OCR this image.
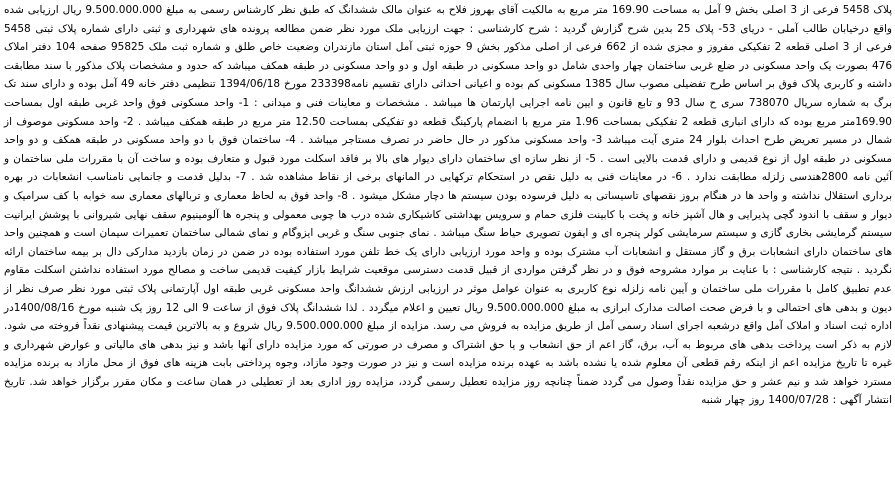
پلاک 5458 فرعی از 3 اصلی بخش 9 آمل به مساحت 169.90 متر مربع به مالکیت آقای بهروز فلاح به عنوان مالک ششدانگ که طبق نظر کارشناس رسمی به مبلغ 9.500.000.000 ریال ارزیابی شده واقع درخیابان طالب آملی - دریای 53- پلاک 25 بدین شرح گزارش گردید : شرح کارشناسی : جهت ارزیابی ملک مورد نظر ضمن مطالعه پرونده های شهرداری و ثبتی دارای شماره پلاک ثبتی 5458 فرعی از 3 اصلی قطعه 2 تفکیکی مفروز و مجزی شده از 662 فرعی از اصلی مذکور بخش 9 حوزه ثبتی آمل استان مازندران وضعیت خاص طلق و شماره ثبت ملک 95825 صفحه 104 دفتر املاک 476 بصورت یک واحد مسکونی در ضلع غربی ساختمان چهار واحدی شامل دو واحد مسکونی در طبقه اول و دو واحد مسکونی در طبقه همکف میباشد که حدود و مشخصات پلاک مذکور با سند مطابقت داشته و کاربری پلاک فوق بر اساس طرح تفضیلی مصوب سال 1385 مسکونی کم بوده و اعیانی احداثی دارای تقسیم نامه233398 مورخ 1394/06/18 تنظیمی دفتر خانه 49 آمل بوده و دارای سند تک برگ به شماره سریال 738070 سری ح سال 93 و تابع قانون و ایین نامه اجرایی اپارتمان ها میباشد . مشخصات و معاینات فنی و میدانی : 1- واحد مسکونی فوق واحد غربی طبقه اول بمساحت 169.90متر مربع بوده که دارای انباری قطعه 2 تفکیکی بمساحت 1.96 متر مربع با انضمام پارکینگ قطعه دو تفکیکی بمساحت 12.50 متر مربع در طبقه همکف میباشد . 2- واحد مسکونی موصوف از شمال در مسیر تعریض طرح احداث بلوار 24 متری آیت میباشد 3- واحد مسکونی مذکور در حال حاضر در تصرف مستاجر میباشد . 4- ساختمان فوق با دو واحد مسکونی در طبقه همکف و دو واحد مسکونی در طبقه اول از نوع قدیمی و دارای قدمت بالایی است . 5- از نظر سازه ای ساختمان دارای دیوار های بالا بر فاقد اسکلت مورد قبول و متعارف بوده و ساخت آن با مقررات ملی ساختمان و آئین نامه 2800هندسی زلزله مطابقت ندارد . 6- در معاینات فنی به دلیل نقص در استحکام ترکهایی در المانهای برخی از نقاط مشاهده شد . 7- بدلیل قدمت و جانمایی نامناسب انشعابات در بهره برداری استقلال نداشته و واحد ها در هنگام بروز نقصهای تاسیساتی به دلیل فرسوده بودن سیستم ها دچار مشکل میشود . 8- واحد فوق به لحاظ معماری و تربالهای معماری سه خوابه با کف سرامیک و دیوار و سقف با اندود گچی پذیرایی و هال آشپز خانه و پخت با کابینت فلزی حمام و سرویس بهداشتی کاشیکاری شده درب ها چوبی معمولی و پنجره ها آلومینیوم سقف نهایی شیروانی با پوشش ایرانیت سیستم گرمایشی بخاری گازی و سیستم سرمایشی کولر پنجره ای و ایفون تصویری حیاط سنگ میباشد . نمای جنوبی سنگ و غربی ایزوگام و نمای شمالی ساختمان تعمیرات سیمان است و همچنین واحد های ساختمان دارای انشعابات برق و گاز مستقل و انشعابات آب مشترک بوده و واحد مورد ارزیابی دارای یک خط تلفن مورد استفاده بوده در ضمن در زمان بازدید مدارکی دال بر بیمه ساختمان ارائه نگردید . نتیجه کارشناسی : با عنایت بر موارد مشروحه فوق و در نظر گرفتن مواردی از قبیل قدمت دسترسی موقعیت شرایط بازار کیفیت قدیمی ساخت و مصالح مورد استفاده نداشتن اسکلت مقاوم عدم تطبیق کامل با مقررات ملی ساختمان و آیین نامه زلزله نوع کاربری به عنوان عوامل موثر در ارزیابی ارزش ششدانگ واحد مسکونی غربی طبقه اول آپارتمانی پلاک ثبتی مورد نظر صرف نظر از دیون و بدهی های احتمالی و با فرض صحت اصالت مدارک ابرازی به مبلغ 9.500.000.000 ریال تعیین و اعلام میگردد . لذا ششدانگ پلاک فوق از ساعت 9 الی 12 روز یک شنبه مورخ 1400/08/16در اداره ثبت اسناد و املاک آمل واقع درشعبه اجرای اسناد رسمی آمل از طریق مزایده به فروش می رسد. مزایده از مبلغ 9.500.000.000 ریال شروع و به بالاترین قیمت پیشنهادی نقداً فروخته می شود. لازم به ذکر است پرداخت بدهی های مربوط به آب، برق، گاز اعم از حق انشعاب و یا حق اشتراک و مصرف در صورتی که مورد مزایده دارای آنها باشد و نیز بدهی های مالیاتی و عوارض شهرداری و غیره تا تاریخ مزایده اعم از اینکه رقم قطعی آن معلوم شده یا نشده باشد به عهده برنده مزایده است و نیز در صورت وجود مازاد، وجوه پرداختی بابت هزینه های فوق از محل مازاد به برنده مزایده مسترد خواهد شد و نیم عشر و حق مزایده نقداً وصول می گردد ضمناً چنانچه روز مزایده تعطیل رسمی گردد، مزایده روز اداری بعد از تعطیلی در همان ساعت و مکان مقرر برگزار خواهد شد. تاریخ انتشار آگهی : 1400/07/28 روز چهار شنبه
